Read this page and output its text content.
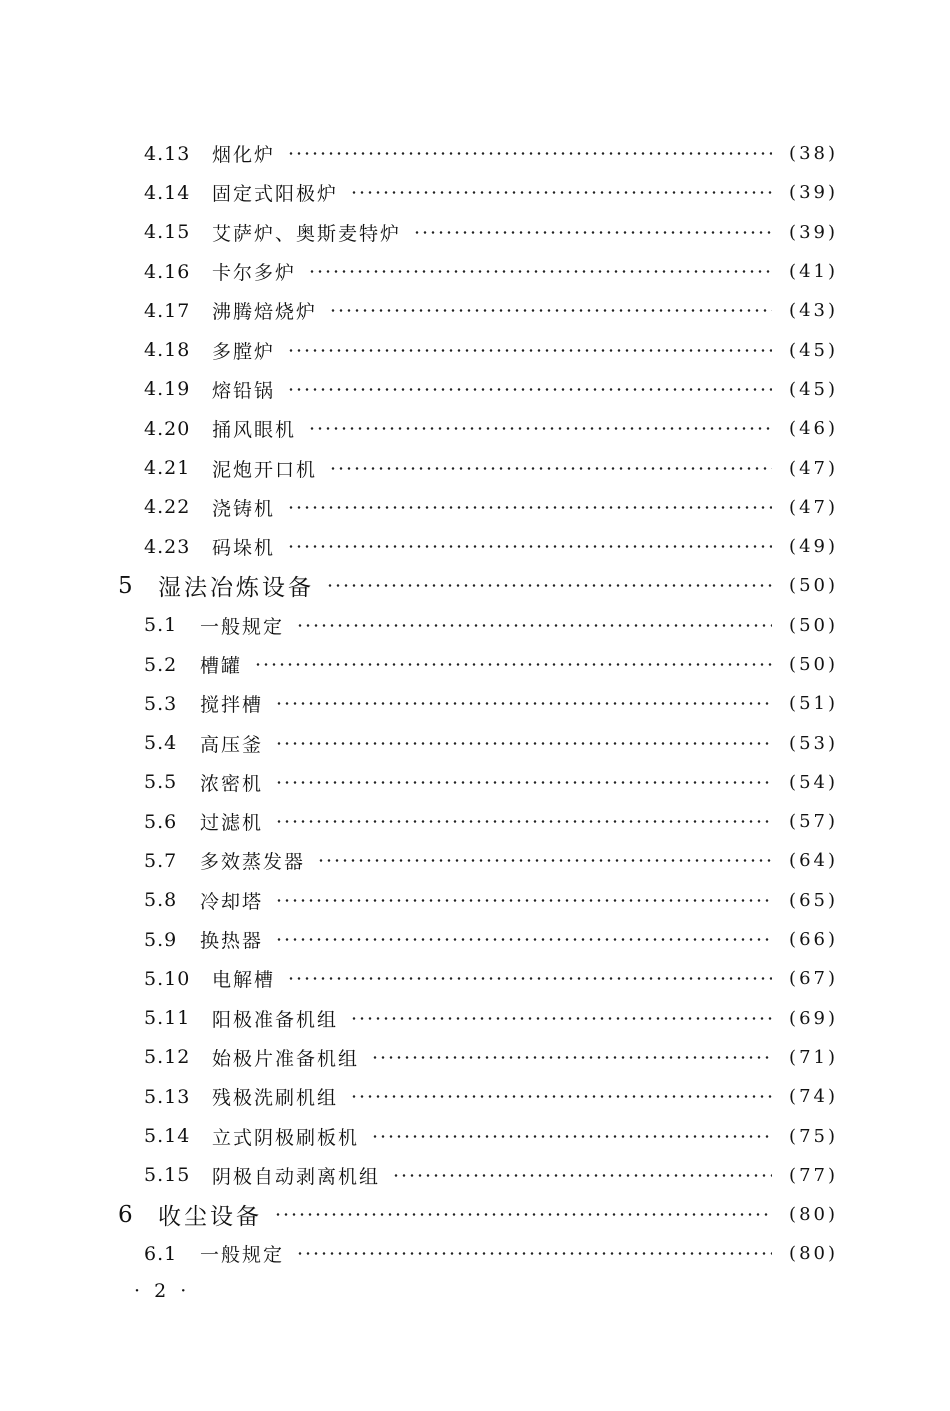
4.13	烟化炉	(38)
4.14	固定式阳极炉	(39)
4.15	艾萨炉、奥斯麦特炉	(39)
4.16	卡尔多炉	(41)
4.17	沸腾焙烧炉	(43)
4.18	多膛炉	(45)
4.19	熔铅锅	(45)
4.20	捅风眼机	(46)
4.21	泥炮开口机	(47)
4.22	浇铸机	(47)
4.23	码垛机	(49)
5	湿法冶炼设备	(50)
5.1	一般规定	(50)
5.2	槽罐	(50)
5.3	搅拌槽	(51)
5.4	高压釜	(53)
5.5	浓密机	(54)
5.6	过滤机	(57)
5.7	多效蒸发器	(64)
5.8	冷却塔	(65)
5.9	换热器	(66)
5.10	电解槽	(67)
5.11	阳极准备机组	(69)
5.12	始极片准备机组	(71)
5.13	残极洗刷机组	(74)
5.14	立式阴极刷板机	(75)
5.15	阴极自动剥离机组	(77)
6	收尘设备	(80)
6.1	一般规定	(80)
· 2 ·
